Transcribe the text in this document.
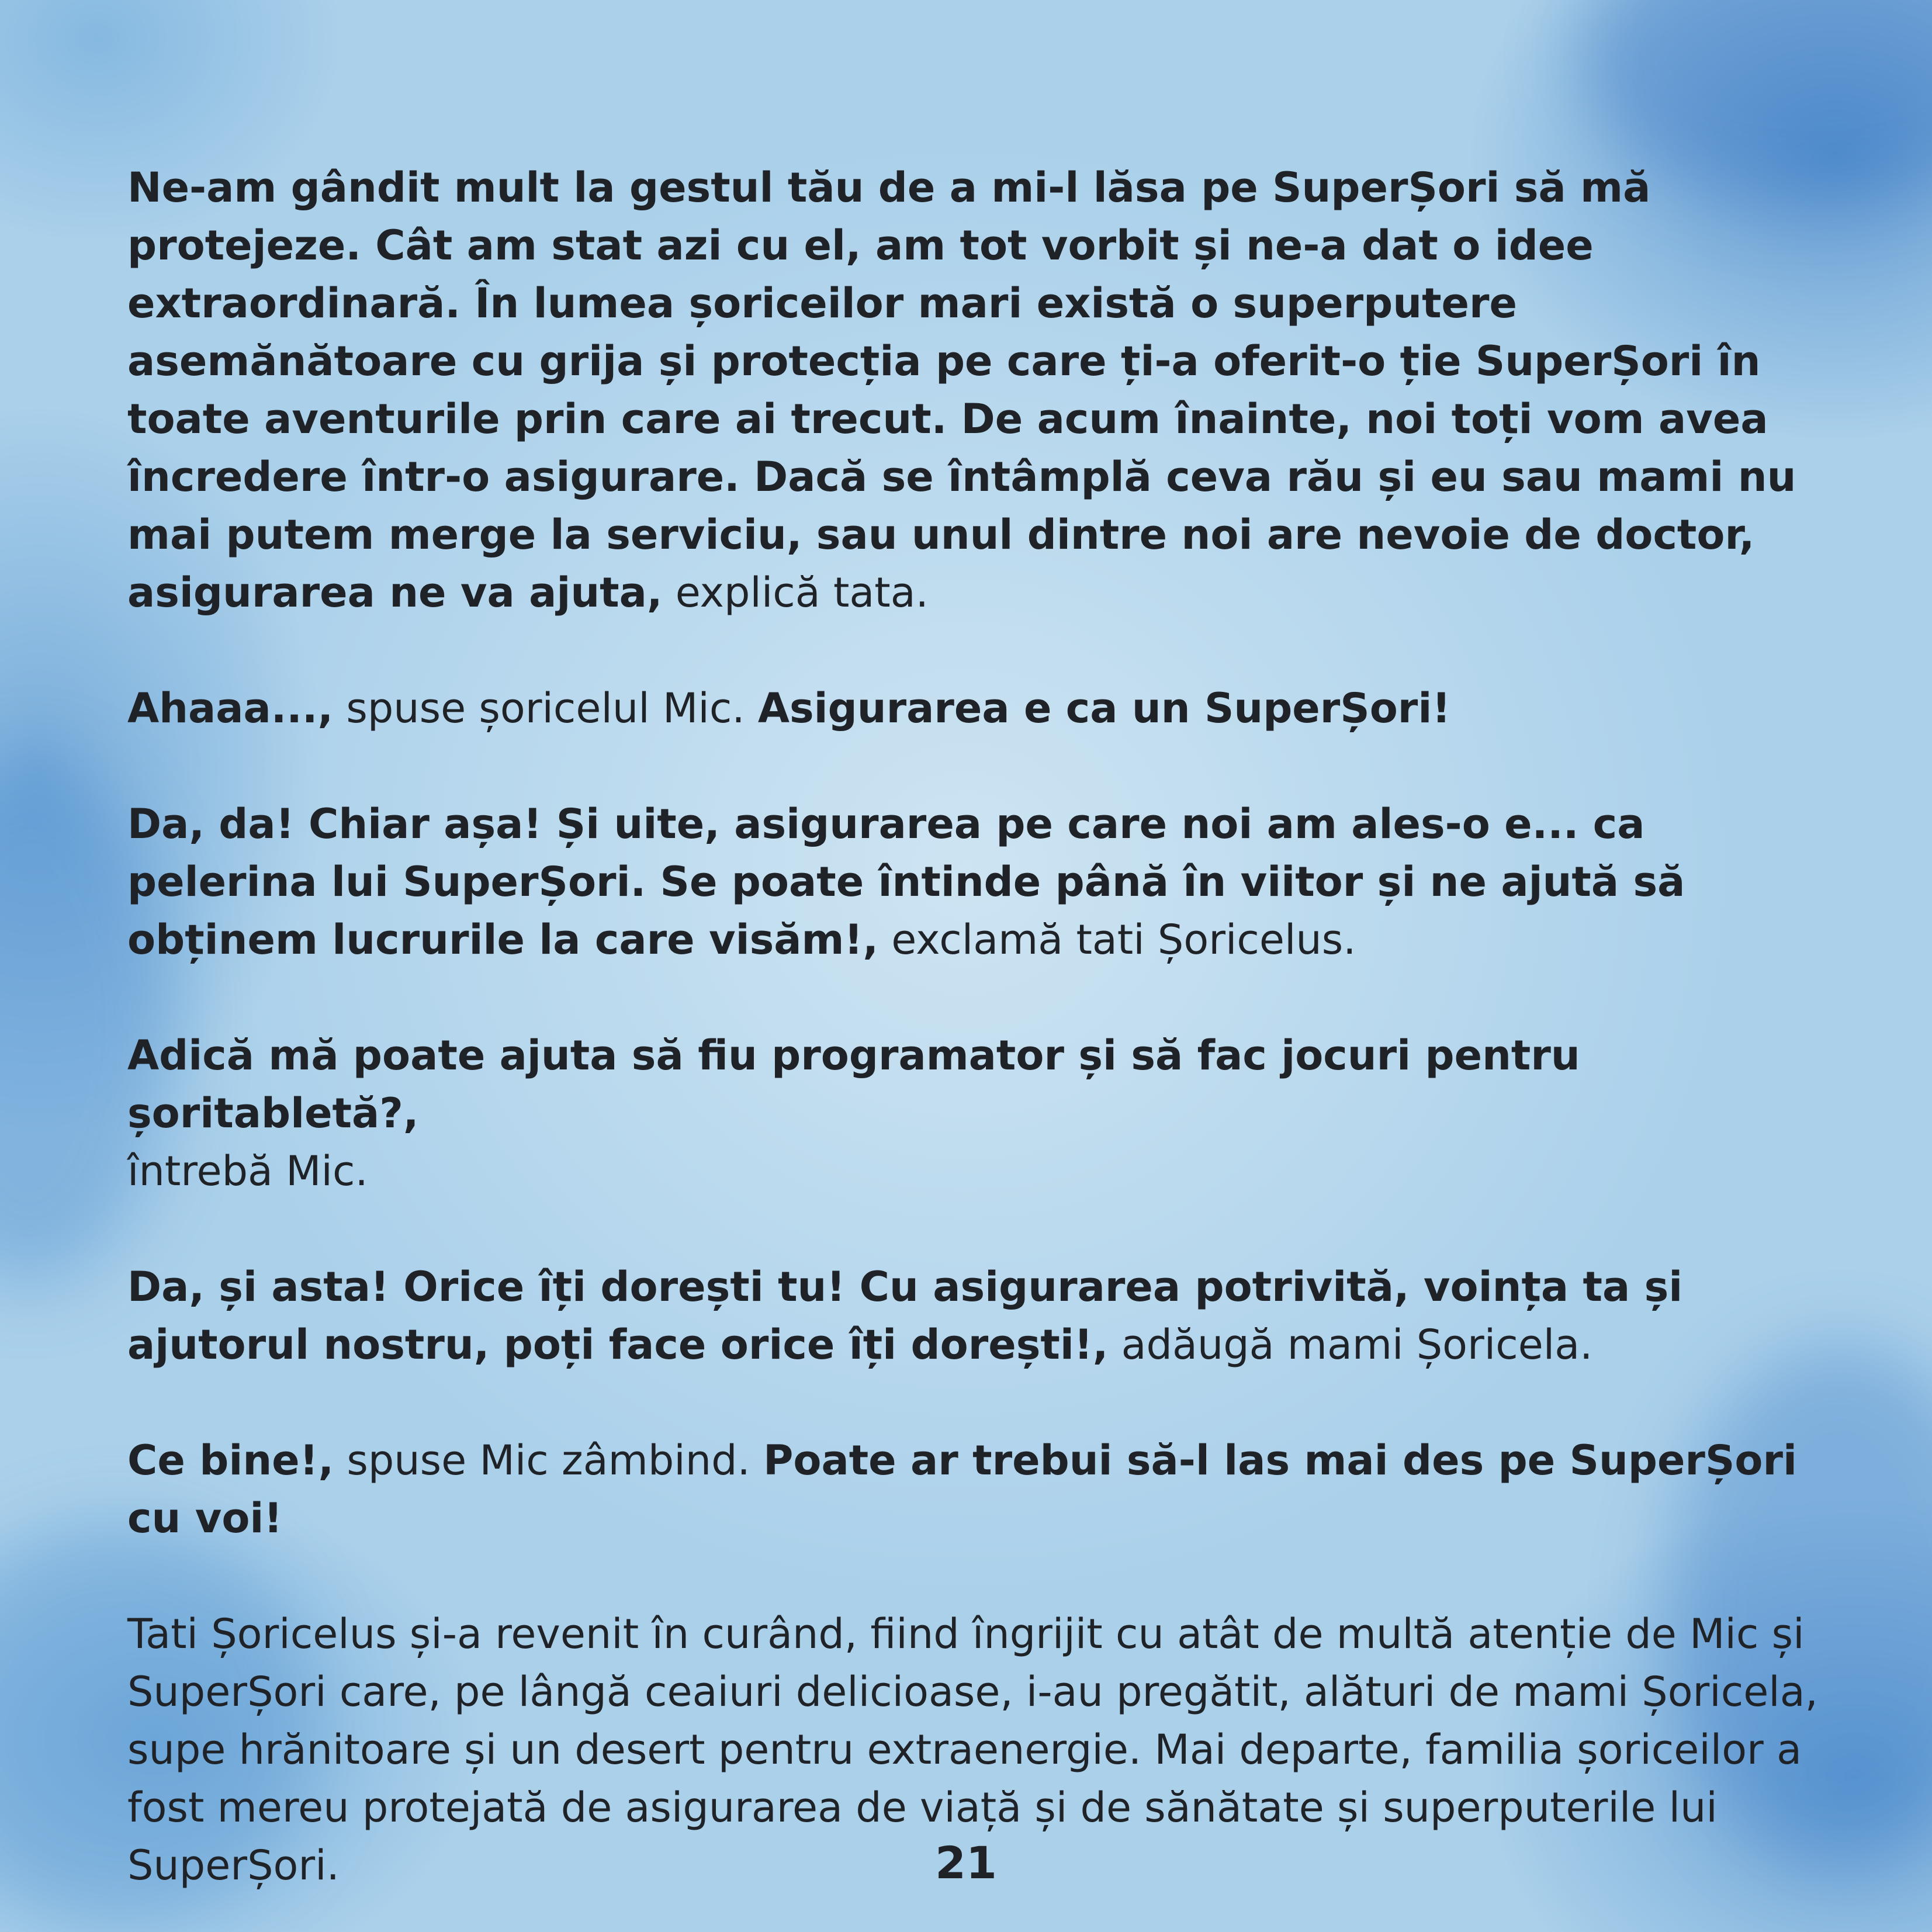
Ne-am gândit mult la gestul tău de a mi-l lăsa pe SuperȘori să mă protejeze. Cât am stat azi cu el, am tot vorbit și ne-a dat o idee extraordinară. În lumea șoriceilor mari există o superputere asemănătoare cu grija și protecția pe care ți-a oferit-o ție SuperȘori în toate aventurile prin care ai trecut. De acum înainte, noi toți vom avea încredere într-o asigurare. Dacă se întâmplă ceva rău și eu sau mami nu mai putem merge la serviciu, sau unul dintre noi are nevoie de doctor, asigurarea ne va ajuta, explică tata.

Ahaaa..., spuse șoricelul Mic. Asigurarea e ca un SuperȘori!

Da, da! Chiar așa! Și uite, asigurarea pe care noi am ales-o e... ca pelerina lui SuperȘori. Se poate întinde până în viitor și ne ajută să obținem lucrurile la care visăm!, exclamă tati Șoricelus.

Adică mă poate ajuta să fiu programator și să fac jocuri pentru șoritabletă?,
întrebă Mic.

Da, și asta! Orice îți dorești tu! Cu asigurarea potrivită, voința ta și ajutorul nostru, poți face orice îți dorești!, adăugă mami Șoricela.

Ce bine!, spuse Mic zâmbind. Poate ar trebui să-l las mai des pe SuperȘori cu voi!

Tati Șoricelus și-a revenit în curând, fiind îngrijit cu atât de multă atenție de Mic și SuperȘori care, pe lângă ceaiuri delicioase, i-au pregătit, alături de mami Șoricela, supe hrănitoare și un desert pentru extraenergie. Mai departe, familia șoriceilor a fost mereu protejată de asigurarea de viață și de sănătate și superputerile lui SuperȘori.	21
